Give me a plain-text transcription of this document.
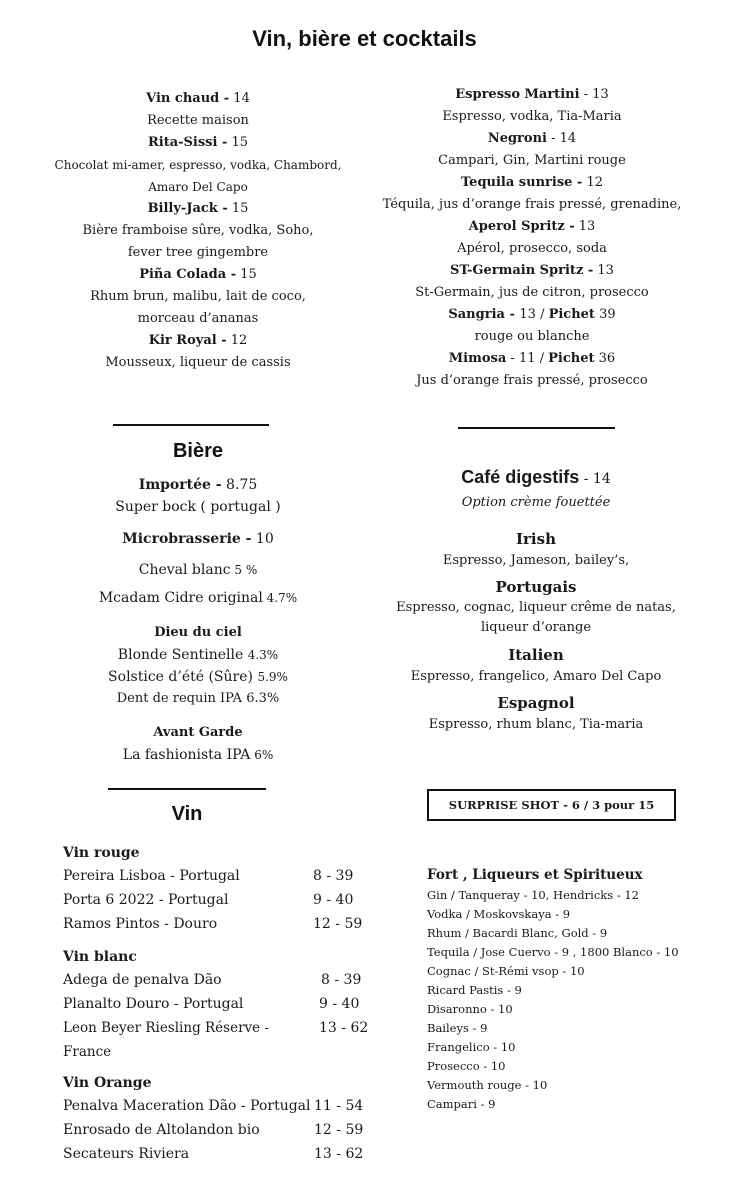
Vin, bière et cocktails
Vin chaud - 14
Recette maison
Rita-Sissi - 15
Chocolat mi-amer, espresso, vodka, Chambord,
Amaro Del Capo
Billy-Jack - 15
Bière framboise sûre, vodka, Soho,
fever tree gingembre
Piña Colada - 15
Rhum brun, malibu, lait de coco,
morceau d’ananas
Kir Royal - 12
Mousseux, liqueur de cassis
Espresso Martini - 13
Espresso, vodka, Tia-Maria
Negroni - 14
Campari, Gin, Martini rouge
Tequila sunrise - 12
Téquila, jus d’orange frais pressé, grenadine,
Aperol Spritz - 13
Apérol, prosecco, soda
ST-Germain Spritz - 13
St-Germain, jus de citron, prosecco
Sangria - 13 / Pichet 39
rouge ou blanche
Mimosa - 11 / Pichet 36
Jus d’orange frais pressé, prosecco
Bière
Importée - 8.75
Super bock ( portugal )
Microbrasserie - 10
Cheval blanc 5 %
Mcadam Cidre original 4.7%
Dieu du ciel
Blonde Sentinelle 4.3%
Solstice d’été (Sûre) 5.9%
Dent de requin IPA 6.3%
Avant Garde
La fashionista IPA 6%
Café digestifs - 14
Option crème fouettée
Irish
Espresso, Jameson, bailey’s,
Portugais
Espresso, cognac, liqueur crême de natas,
liqueur d’orange
Italien
Espresso, frangelico, Amaro Del Capo
Espagnol
Espresso, rhum blanc, Tia-maria
Vin	SURPRISE SHOT - 6 / 3 pour 15
Vin rouge
Pereira Lisboa - Portugal	8 - 39
Porta 6 2022 - Portugal	9 - 40
Ramos Pintos - Douro	12 - 59
Vin blanc
Adega de penalva Dão	8 - 39
Planalto Douro - Portugal	9 - 40
Leon Beyer Riesling Réserve -	13 - 62
France
Vin Orange
Penalva Maceration Dão - Portugal 11 - 54
Enrosado de Altolandon bio	12 - 59
Secateurs Riviera	13 - 62
Fort , Liqueurs et Spiritueux
Gin / Tanqueray - 10, Hendricks - 12
Vodka / Moskovskaya - 9
Rhum / Bacardi Blanc, Gold - 9
Tequila / Jose Cuervo - 9 , 1800 Blanco - 10
Cognac / St-Rémi vsop - 10
Ricard Pastis - 9
Disaronno - 10
Baileys - 9
Frangelico - 10
Prosecco - 10
Vermouth rouge - 10
Campari - 9
